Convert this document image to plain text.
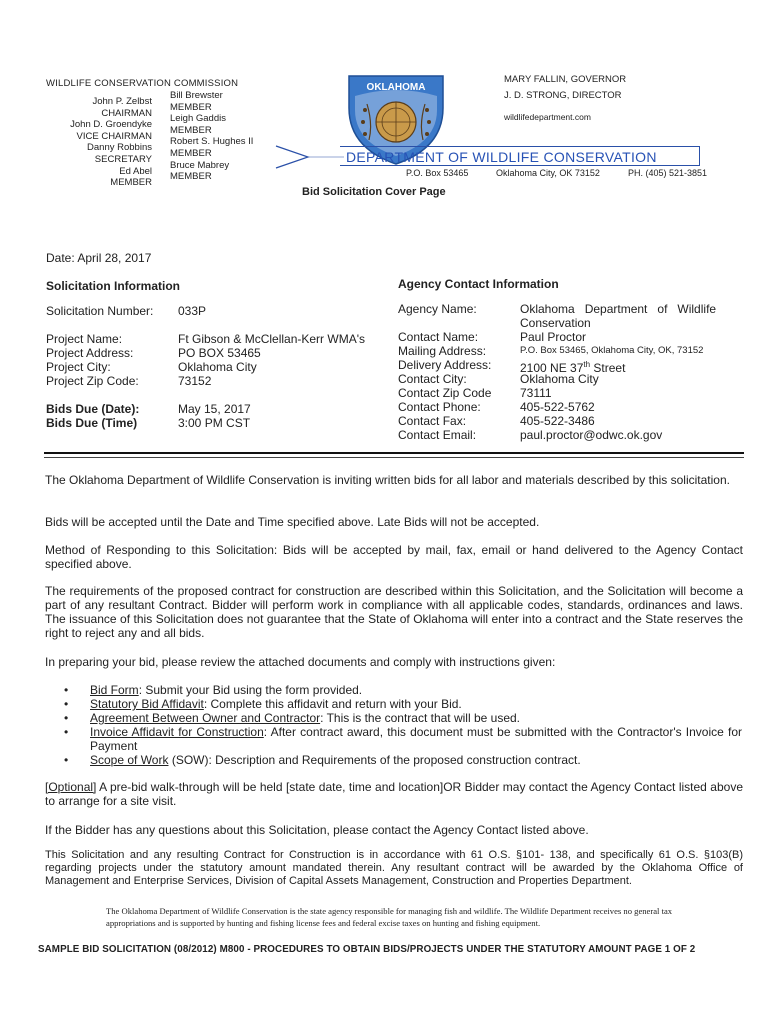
WILDLIFE CONSERVATION COMMISSION
John P. Zelbst
CHAIRMAN
John D. Groendyke
VICE CHAIRMAN
Danny Robbins
SECRETARY
Ed Abel
MEMBER
Bill Brewster
MEMBER
Leigh Gaddis
MEMBER
Robert S. Hughes II
MEMBER
Bruce Mabrey
MEMBER
MARY FALLIN, GOVERNOR
J. D. STRONG, DIRECTOR
wildlifedepartment.com
OKLAHOMA
DEPARTMENT OF WILDLIFE CONSERVATION
P.O. Box 53465	Oklahoma City, OK 73152	PH. (405) 521-3851
Bid Solicitation Cover Page
Date: April 28, 2017
Solicitation Information
Solicitation Number: 033P
Project Name:	Ft Gibson & McClellan-Kerr WMA's
Project Address:	PO BOX 53465
Project City:	Oklahoma City
Project Zip Code:	73152
Bids Due (Date):	May 15, 2017
Bids Due (Time)	3:00 PM CST
Agency Contact Information
Agency Name:	Oklahoma   Department   of   Wildlife
Conservation
Contact Name:	Paul Proctor
Mailing Address:	P.O. Box 53465, Oklahoma City, OK, 73152
Delivery Address: 2100 NE 37th Street
Contact City:	Oklahoma City
Contact Zip Code 73111
Contact Phone:	405-522-5762
Contact Fax:	405-522-3486
Contact Email:	paul.proctor@odwc.ok.gov
The Oklahoma Department of Wildlife Conservation is inviting written bids for all labor and materials described by this solicitation.
Bids will be accepted until the Date and Time specified above. Late Bids will not be accepted.
Method of Responding to this Solicitation: Bids will be accepted by mail, fax, email or hand delivered to the Agency Contact specified above.
The requirements of the proposed contract for construction are described within this Solicitation, and the Solicitation will become a part of any resultant Contract. Bidder will perform work in compliance with all applicable codes, standards, ordinances and laws. The issuance of this Solicitation does not guarantee that the State of Oklahoma will enter into a contract and the State reserves the right to reject any and all bids.
In preparing your bid, please review the attached documents and comply with instructions given:
• Bid Form: Submit your Bid using the form provided.
• Statutory Bid Affidavit: Complete this affidavit and return with your Bid.
• Agreement Between Owner and Contractor: This is the contract that will be used.
• Invoice Affidavit for Construction: After contract award, this document must be submitted with the Contractor's Invoice for Payment
• Scope of Work (SOW): Description and Requirements of the proposed construction contract.
[Optional] A pre-bid walk-through will be held [state date, time and location]OR Bidder may contact the Agency Contact listed above to arrange for a site visit.
If the Bidder has any questions about this Solicitation, please contact the Agency Contact listed above.
This Solicitation and any resulting Contract for Construction is in accordance with 61 O.S. §101- 138, and specifically 61 O.S. §103(B) regarding projects under the statutory amount mandated therein. Any resultant contract will be awarded by the Oklahoma Office of Management and Enterprise Services, Division of Capital Assets Management, Construction and Properties Department.
The Oklahoma Department of Wildlife Conservation is the state agency responsible for managing fish and wildlife. The Wildlife Department receives no general tax appropriations and is supported by hunting and fishing license fees and federal excise taxes on hunting and fishing equipment.
SAMPLE BID SOLICITATION (08/2012) M800 - PROCEDURES TO OBTAIN BIDS/PROJECTS UNDER THE STATUTORY AMOUNT PAGE 1 OF 2
